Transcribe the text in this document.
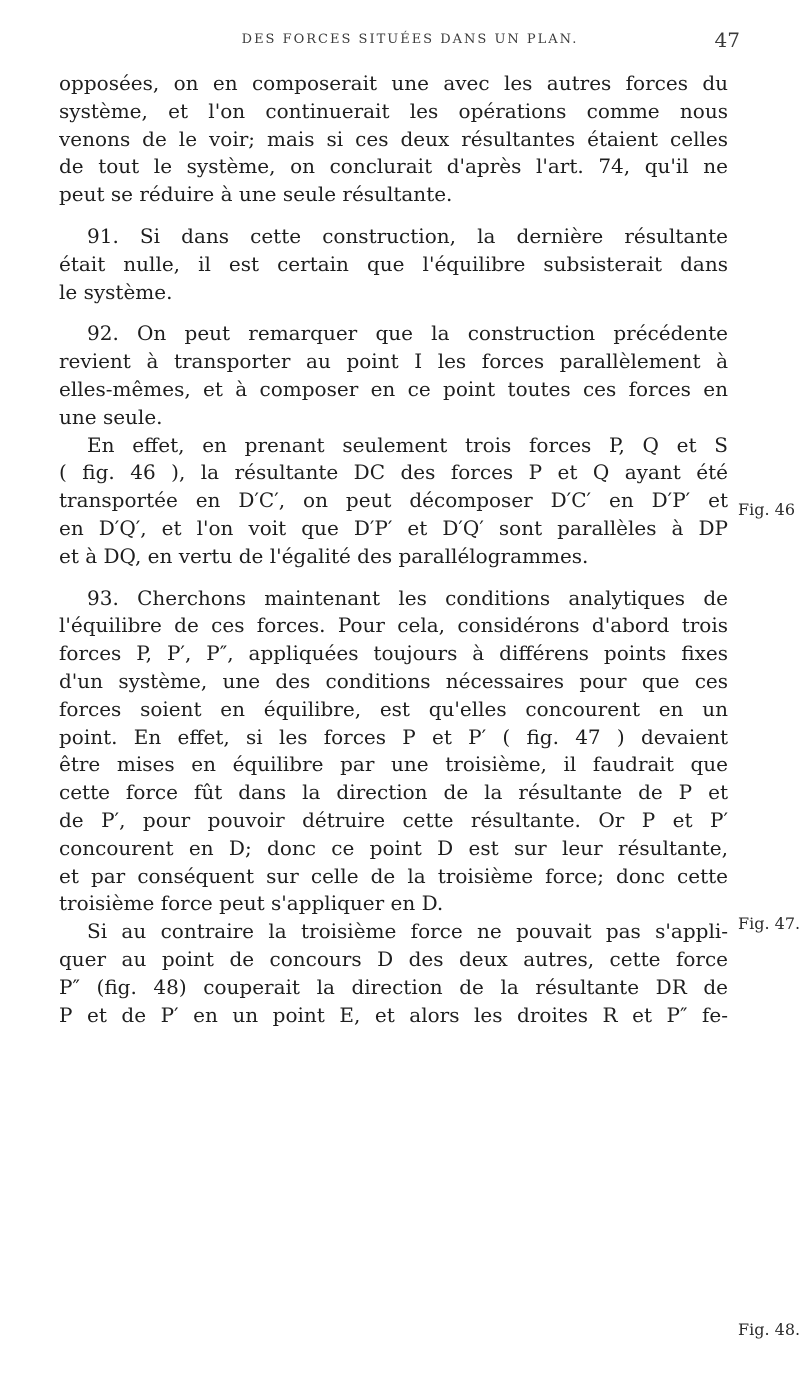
DES FORCES SITUÉES DANS UN PLAN.	47
opposées, on en composerait une avec les autres forces du
système, et l'on continuerait les opérations comme nous
venons de le voir; mais si ces deux résultantes étaient celles
de tout le système, on conclurait d'après l'art. 74, qu'il ne
peut se réduire à une seule résultante.
91. Si dans cette construction, la dernière résultante
était nulle, il est certain que l'équilibre subsisterait dans
le système.
92. On peut remarquer que la construction précédente
revient à transporter au point I les forces parallèlement à
elles-mêmes, et à composer en ce point toutes ces forces en
une seule.
En effet, en prenant seulement trois forces P, Q et S
( fig. 46 ), la résultante DC des forces P et Q ayant été
transportée en D′C′, on peut décomposer D′C′ en D′P′ et
en D′Q′, et l'on voit que D′P′ et D′Q′ sont parallèles à DP
et à DQ, en vertu de l'égalité des parallélogrammes.
93. Cherchons maintenant les conditions analytiques de
l'équilibre de ces forces. Pour cela, considérons d'abord trois
forces P, P′, P″, appliquées toujours à différens points fixes
d'un système, une des conditions nécessaires pour que ces
forces soient en équilibre, est qu'elles concourent en un
point. En effet, si les forces P et P′ ( fig. 47 ) devaient
être mises en équilibre par une troisième, il faudrait que
cette force fût dans la direction de la résultante de P et
de P′, pour pouvoir détruire cette résultante. Or P et P′
concourent en D; donc ce point D est sur leur résultante,
et par conséquent sur celle de la troisième force; donc cette
troisième force peut s'appliquer en D.
Si au contraire la troisième force ne pouvait pas s'appli-
quer au point de concours D des deux autres, cette force
P″ (fig. 48) couperait la direction de la résultante DR de
P et de P′ en un point E, et alors les droites R et P″ fe-
Fig. 46
Fig. 47.
Fig. 48.
